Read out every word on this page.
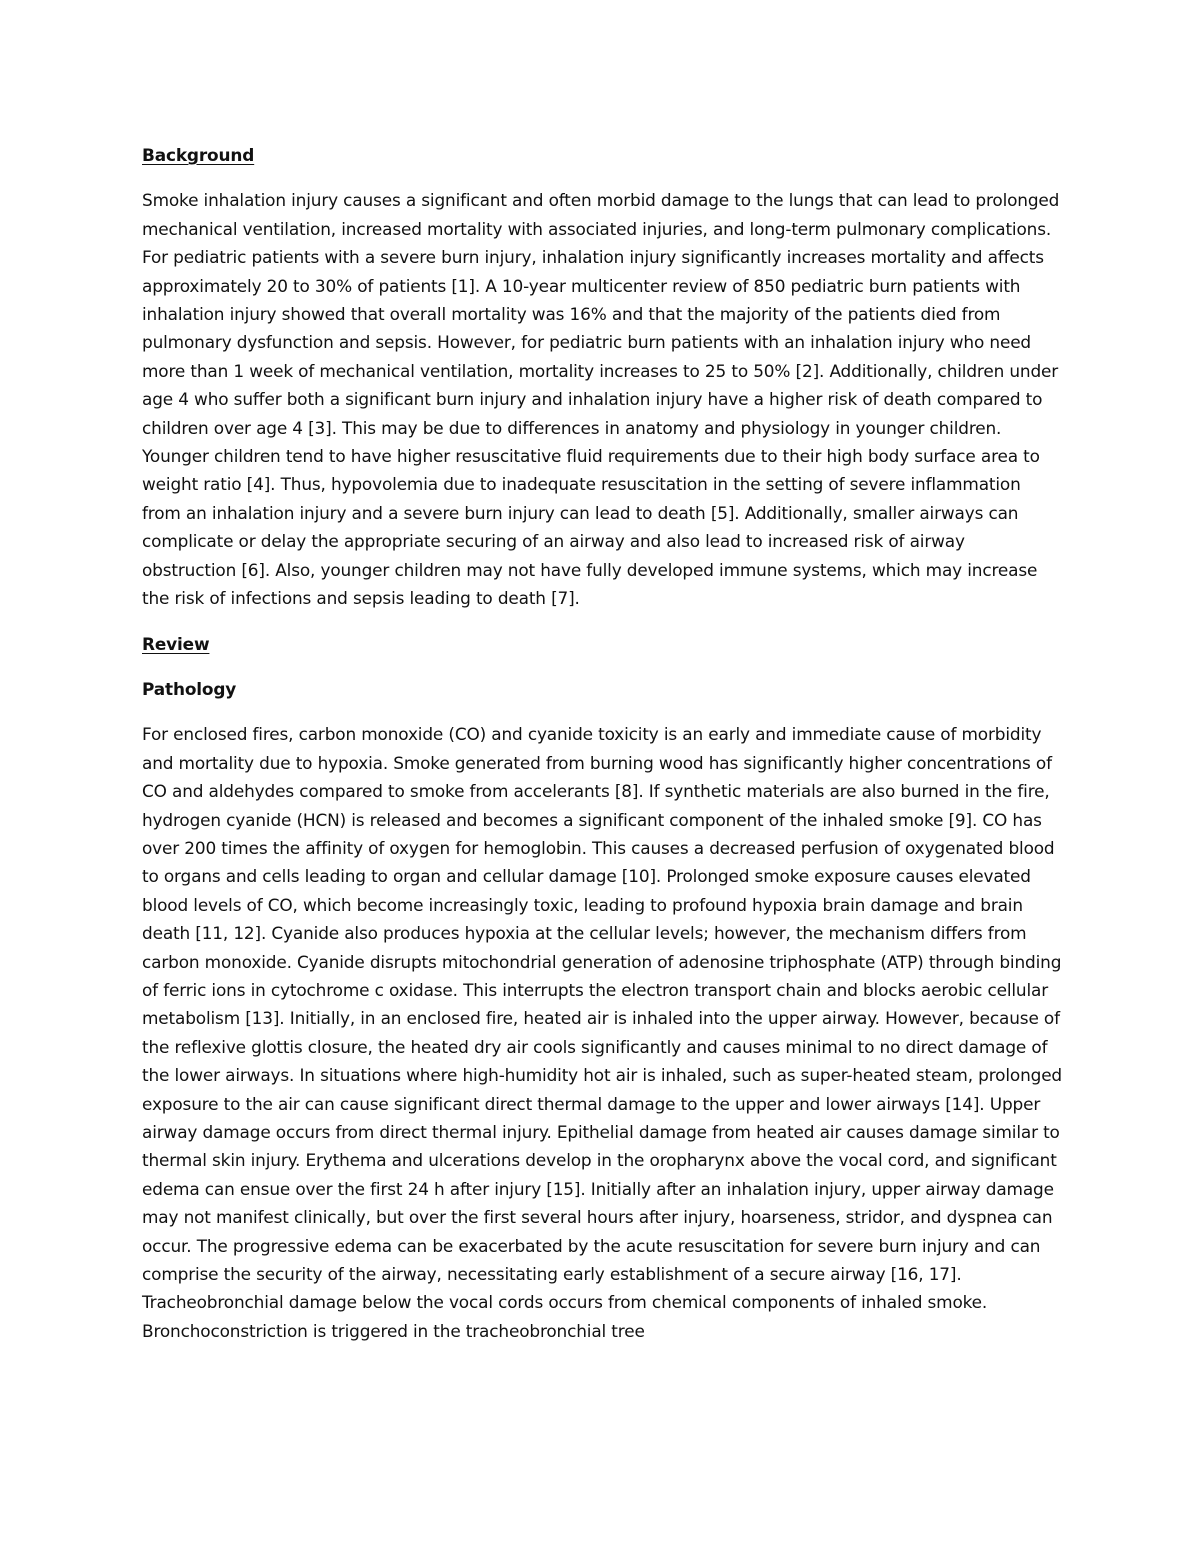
Background

Smoke inhalation injury causes a significant and often morbid damage to the lungs that can lead to prolonged mechanical ventilation, increased mortality with associated injuries, and long-term pulmonary complications. For pediatric patients with a severe burn injury, inhalation injury significantly increases mortality and affects approximately 20 to 30% of patients [1]. A 10-year multicenter review of 850 pediatric burn patients with inhalation injury showed that overall mortality was 16% and that the majority of the patients died from pulmonary dysfunction and sepsis. However, for pediatric burn patients with an inhalation injury who need more than 1 week of mechanical ventilation, mortality increases to 25 to 50% [2]. Additionally, children under age 4 who suffer both a significant burn injury and inhalation injury have a higher risk of death compared to children over age 4 [3]. This may be due to differences in anatomy and physiology in younger children. Younger children tend to have higher resuscitative fluid requirements due to their high body surface area to weight ratio [4]. Thus, hypovolemia due to inadequate resuscitation in the setting of severe inflammation from an inhalation injury and a severe burn injury can lead to death [5]. Additionally, smaller airways can complicate or delay the appropriate securing of an airway and also lead to increased risk of airway obstruction [6]. Also, younger children may not have fully developed immune systems, which may increase the risk of infections and sepsis leading to death [7].

Review

Pathology

For enclosed fires, carbon monoxide (CO) and cyanide toxicity is an early and immediate cause of morbidity and mortality due to hypoxia. Smoke generated from burning wood has significantly higher concentrations of CO and aldehydes compared to smoke from accelerants [8]. If synthetic materials are also burned in the fire, hydrogen cyanide (HCN) is released and becomes a significant component of the inhaled smoke [9]. CO has over 200 times the affinity of oxygen for hemoglobin. This causes a decreased perfusion of oxygenated blood to organs and cells leading to organ and cellular damage [10]. Prolonged smoke exposure causes elevated blood levels of CO, which become increasingly toxic, leading to profound hypoxia brain damage and brain death [11, 12]. Cyanide also produces hypoxia at the cellular levels; however, the mechanism differs from carbon monoxide. Cyanide disrupts mitochondrial generation of adenosine triphosphate (ATP) through binding of ferric ions in cytochrome c oxidase. This interrupts the electron transport chain and blocks aerobic cellular metabolism [13]. Initially, in an enclosed fire, heated air is inhaled into the upper airway. However, because of the reflexive glottis closure, the heated dry air cools significantly and causes minimal to no direct damage of the lower airways. In situations where high-humidity hot air is inhaled, such as super-heated steam, prolonged exposure to the air can cause significant direct thermal damage to the upper and lower airways [14]. Upper airway damage occurs from direct thermal injury. Epithelial damage from heated air causes damage similar to thermal skin injury. Erythema and ulcerations develop in the oropharynx above the vocal cord, and significant edema can ensue over the first 24 h after injury [15]. Initially after an inhalation injury, upper airway damage may not manifest clinically, but over the first several hours after injury, hoarseness, stridor, and dyspnea can occur. The progressive edema can be exacerbated by the acute resuscitation for severe burn injury and can comprise the security of the airway, necessitating early establishment of a secure airway [16, 17]. Tracheobronchial damage below the vocal cords occurs from chemical components of inhaled smoke. Bronchoconstriction is triggered in the tracheobronchial tree
